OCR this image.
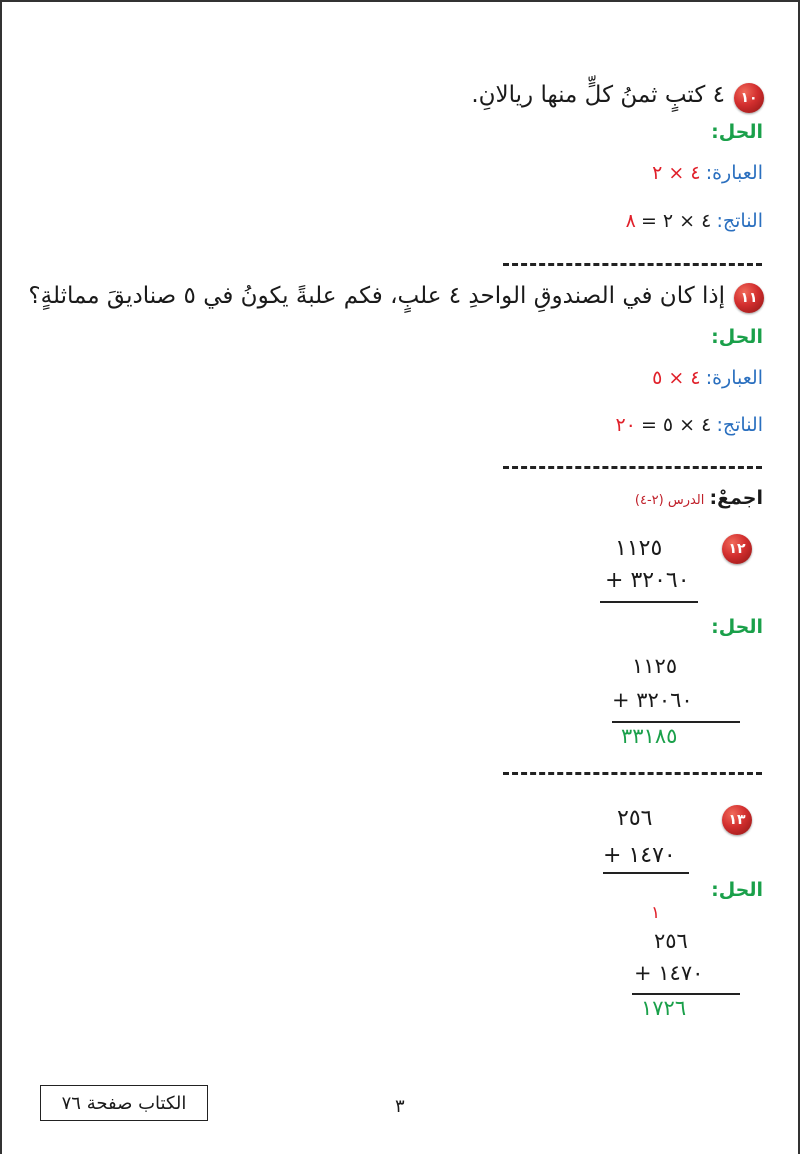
١٠
٤ كتبٍ ثمنُ كلٍّ منها ريالانِ.
الحل:
العبارة: ٤ × ٢
الناتج: ٤ × ٢ = ٨
١١
إذا كان في الصندوقِ الواحدِ ٤ علبٍ، فكم علبةً يكونُ في ٥ صناديقَ مماثلةٍ؟
الحل:
العبارة: ٤ × ٥
الناتج: ٤ × ٥ = ٢٠
اجمعْ: الدرس (٢-٤)
١٢
١١٢٥
+ ٣٢٠٦٠
الحل:
١١٢٥
+ ٣٢٠٦٠
٣٣١٨٥
١٣
٢٥٦
+ ١٤٧٠
الحل:
١
٢٥٦
+ ١٤٧٠
١٧٢٦
٣
الكتاب صفحة ٧٦
